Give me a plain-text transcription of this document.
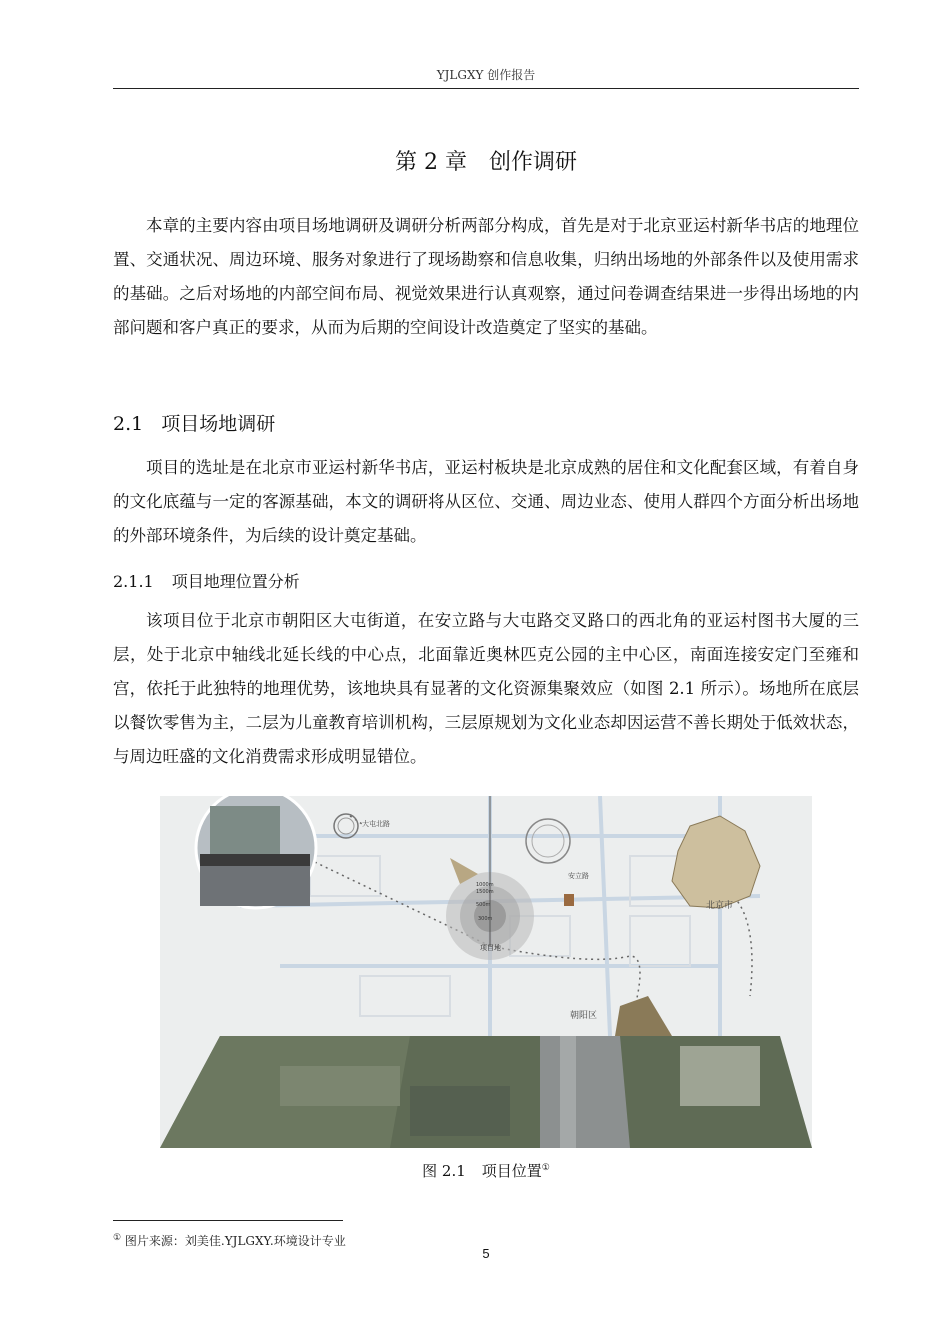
YJLGXY 创作报告
第 2 章 创作调研

本章的主要内容由项目场地调研及调研分析两部分构成，首先是对于北京亚运村新华书店的地理位置、交通状况、周边环境、服务对象进行了现场勘察和信息收集，归纳出场地的外部条件以及使用需求的基础。之后对场地的内部空间布局、视觉效果进行认真观察，通过问卷调查结果进一步得出场地的内部问题和客户真正的要求，从而为后期的空间设计改造奠定了坚实的基础。

2.1 项目场地调研

项目的选址是在北京市亚运村新华书店，亚运村板块是北京成熟的居住和文化配套区域，有着自身的文化底蕴与一定的客源基础，本文的调研将从区位、交通、周边业态、使用人群四个方面分析出场地的外部环境条件，为后续的设计奠定基础。

2.1.1 项目地理位置分析

该项目位于北京市朝阳区大屯街道，在安立路与大屯路交叉路口的西北角的亚运村图书大厦的三层，处于北京中轴线北延长线的中心点，北面靠近奥林匹克公园的主中心区，南面连接安定门至雍和宫，依托于此独特的地理优势，该地块具有显著的文化资源集聚效应（如图 2.1 所示）。场地所在底层以餐饮零售为主，二层为儿童教育培训机构，三层原规划为文化业态却因运营不善长期处于低效状态，与周边旺盛的文化消费需求形成明显错位。

大屯北路
安立路
北京市
朝阳区
项目地
1000m
1500m
500m
300m
图 2.1 项目位置①
① 图片来源：刘美佳.YJLGXY.环境设计专业
5
